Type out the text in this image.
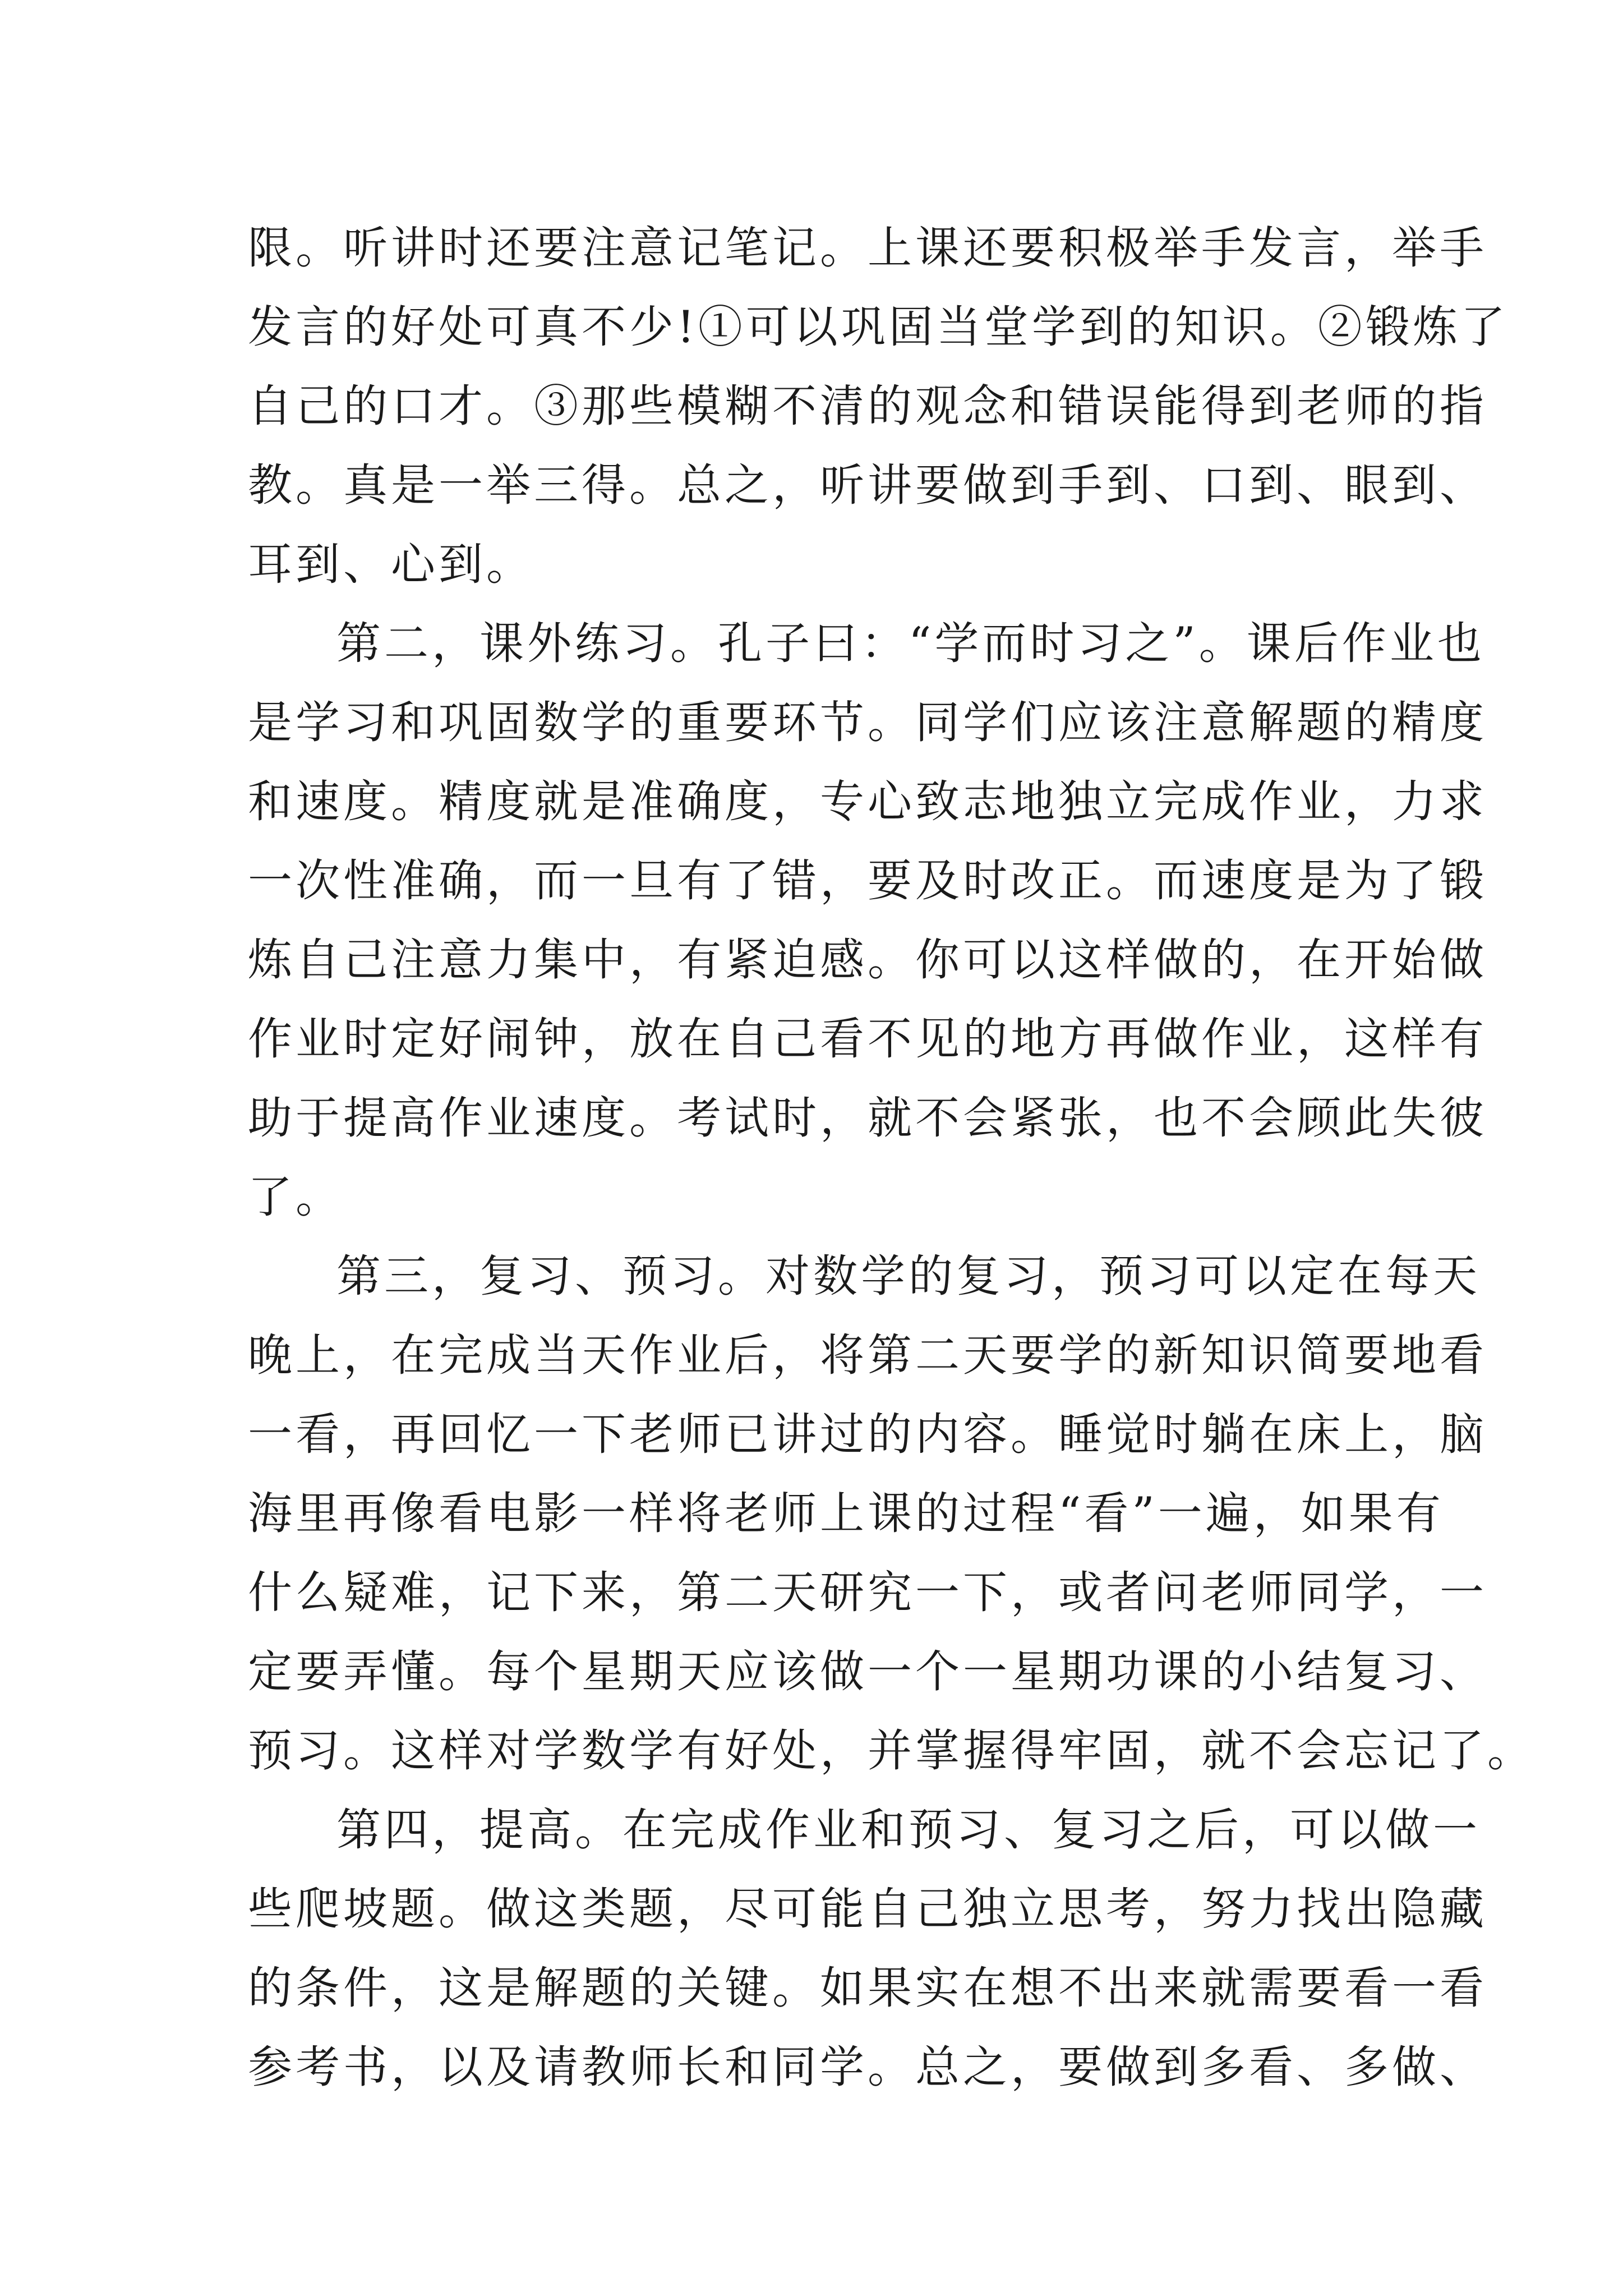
限。听讲时还要注意记笔记。上课还要积极举手发言，举手
发言的好处可真不少!①可以巩固当堂学到的知识。②锻炼了
自己的口才。③那些模糊不清的观念和错误能得到老师的指
教。真是一举三得。总之，听讲要做到手到、口到、眼到、
耳到、心到。
第二，课外练习。孔子曰：“学而时习之”。课后作业也
是学习和巩固数学的重要环节。同学们应该注意解题的精度
和速度。精度就是准确度，专心致志地独立完成作业，力求
一次性准确，而一旦有了错，要及时改正。而速度是为了锻
炼自己注意力集中，有紧迫感。你可以这样做的，在开始做
作业时定好闹钟，放在自己看不见的地方再做作业，这样有
助于提高作业速度。考试时，就不会紧张，也不会顾此失彼
了。
第三，复习、预习。对数学的复习，预习可以定在每天
晚上，在完成当天作业后，将第二天要学的新知识简要地看
一看，再回忆一下老师已讲过的内容。睡觉时躺在床上，脑
海里再像看电影一样将老师上课的过程“看”一遍，如果有
什么疑难，记下来，第二天研究一下，或者问老师同学，一
定要弄懂。每个星期天应该做一个一星期功课的小结复习、
预习。这样对学数学有好处，并掌握得牢固，就不会忘记了。
第四，提高。在完成作业和预习、复习之后，可以做一
些爬坡题。做这类题，尽可能自己独立思考，努力找出隐藏
的条件，这是解题的关键。如果实在想不出来就需要看一看
参考书，以及请教师长和同学。总之，要做到多看、多做、
